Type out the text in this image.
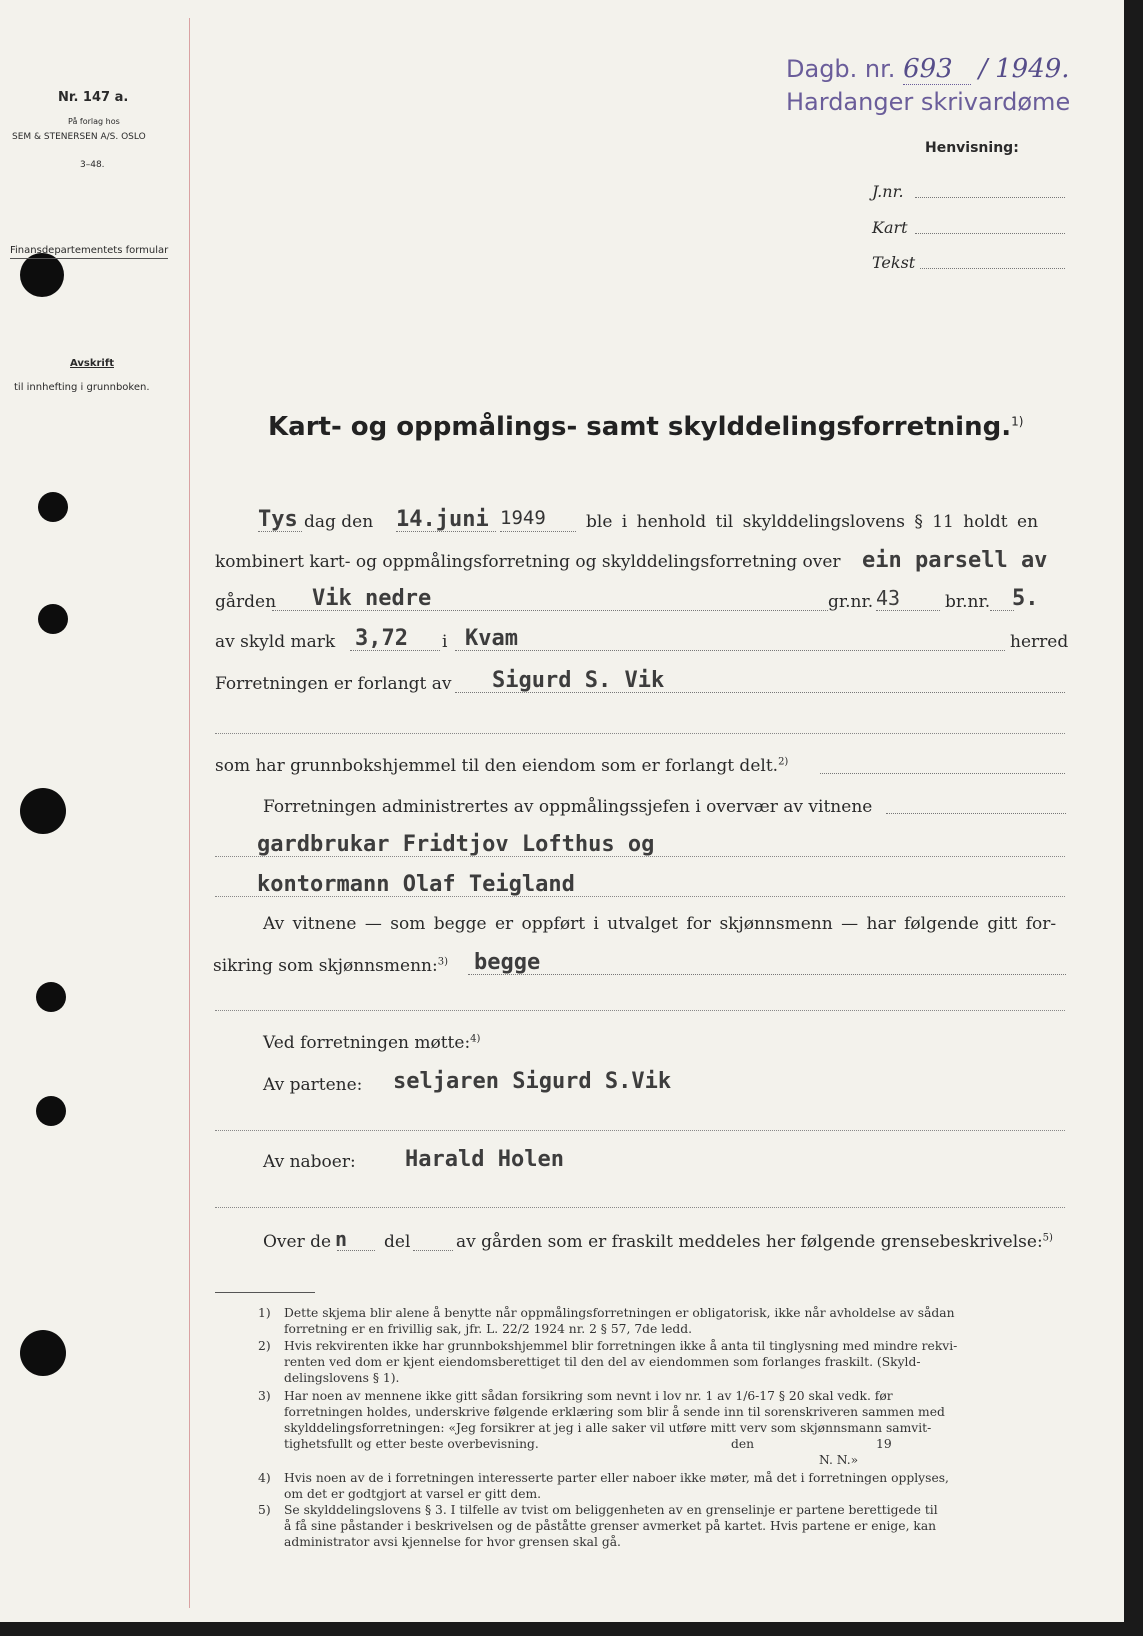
Nr. 147 a.
På forlag hos
SEM & STENERSEN A/S. OSLO
3–48.
Finansdepartementets formular
Avskrift
til innhefting i grunnboken.
Dagb. nr. 693 / 1949.
Hardanger skrivardøme
Henvisning:
J.nr.
Kart
Tekst
Kart- og oppmålings- samt skylddelingsforretning.$^{1)}$
Tys dag den 14.juni 1949 ble i henhold til skylddelingslovens § 11 holdt en
kombinert kart- og oppmålingsforretning og skylddelingsforretning over ein parsell av
gården Vik nedre	gr.nr. 43	br.nr. 5.
av skyld mark 3,72 i Kvam	herred
Forretningen er forlangt av Sigurd S. Vik
som har grunnbokshjemmel til den eiendom som er forlangt delt.$^{2)}$
Forretningen administrertes av oppmålingssjefen i overvær av vitnene
gardbrukar Fridtjov Lofthus og
kontormann Olaf Teigland
Av vitnene — som begge er oppført i utvalget for skjønnsmenn — har følgende gitt for-
sikring som skjønnsmenn:$^{3)}$ begge
Ved forretningen møtte:$^{4)}$
Av partene: seljaren Sigurd S.Vik
Av naboer: Harald Holen
Over de n del	av gården som er fraskilt meddeles her følgende grensebeskrivelse:$^{5)}$
1) Dette skjema blir alene å benytte når oppmålingsforretningen er obligatorisk, ikke når avholdelse av sådan
forretning er en frivillig sak, jfr. L. 22/2 1924 nr. 2 § 57, 7de ledd.
2) Hvis rekvirenten ikke har grunnbokshjemmel blir forretningen ikke å anta til tinglysning med mindre rekvi-
renten ved dom er kjent eiendomsberettiget til den del av eiendommen som forlanges fraskilt. (Skyld-
delingslovens § 1).
3) Har noen av mennene ikke gitt sådan forsikring som nevnt i lov nr. 1 av 1/6-17 § 20 skal vedk. før
forretningen holdes, underskrive følgende erklæring som blir å sende inn til sorenskriveren sammen med
skylddelingsforretningen: «Jeg forsikrer at jeg i alle saker vil utføre mitt verv som skjønnsmann samvit-
tighetsfullt og etter beste overbevisning.	den	19
N. N.»
4) Hvis noen av de i forretningen interesserte parter eller naboer ikke møter, må det i forretningen opplyses,
om det er godtgjort at varsel er gitt dem.
5) Se skylddelingslovens § 3. I tilfelle av tvist om beliggenheten av en grenselinje er partene berettigede til
å få sine påstander i beskrivelsen og de påståtte grenser avmerket på kartet. Hvis partene er enige, kan
administrator avsi kjennelse for hvor grensen skal gå.
